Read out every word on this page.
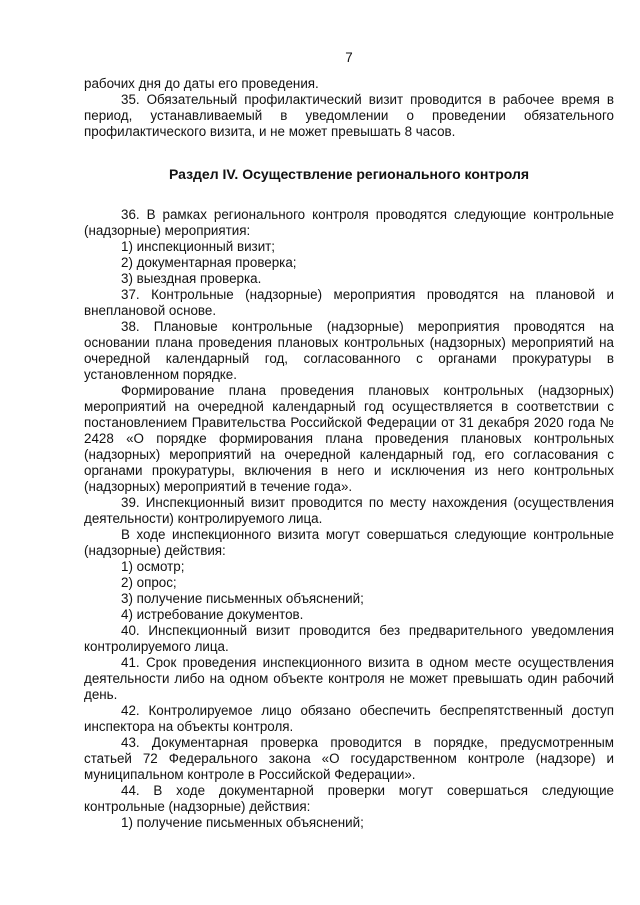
7

рабочих дня до даты его проведения.

35. Обязательный профилактический визит проводится в рабочее время в период, устанавливаемый в уведомлении о проведении обязательного профилактического визита, и не может превышать 8 часов.

Раздел IV. Осуществление регионального контроля

36. В рамках регионального контроля проводятся следующие контрольные (надзорные) мероприятия:

1) инспекционный визит;

2) документарная проверка;

3) выездная проверка.

37. Контрольные (надзорные) мероприятия проводятся на плановой и внеплановой основе.

38. Плановые контрольные (надзорные) мероприятия проводятся на основании плана проведения плановых контрольных (надзорных) мероприятий на очередной календарный год, согласованного с органами прокуратуры в установленном порядке.

Формирование плана проведения плановых контрольных (надзорных) мероприятий на очередной календарный год осуществляется в соответствии с постановлением Правительства Российской Федерации от 31 декабря 2020 года № 2428 «О порядке формирования плана проведения плановых контрольных (надзорных) мероприятий на очередной календарный год, его согласования с органами прокуратуры, включения в него и исключения из него контрольных (надзорных) мероприятий в течение года».

39. Инспекционный визит проводится по месту нахождения (осуществления деятельности) контролируемого лица.

В ходе инспекционного визита могут совершаться следующие контрольные (надзорные) действия:

1) осмотр;

2) опрос;

3) получение письменных объяснений;

4) истребование документов.

40. Инспекционный визит проводится без предварительного уведомления контролируемого лица.

41. Срок проведения инспекционного визита в одном месте осуществления деятельности либо на одном объекте контроля не может превышать один рабочий день.

42. Контролируемое лицо обязано обеспечить беспрепятственный доступ инспектора на объекты контроля.

43. Документарная проверка проводится в порядке, предусмотренным статьей 72 Федерального закона «О государственном контроле (надзоре) и муниципальном контроле в Российской Федерации».

44. В ходе документарной проверки могут совершаться следующие контрольные (надзорные) действия:

1) получение письменных объяснений;
